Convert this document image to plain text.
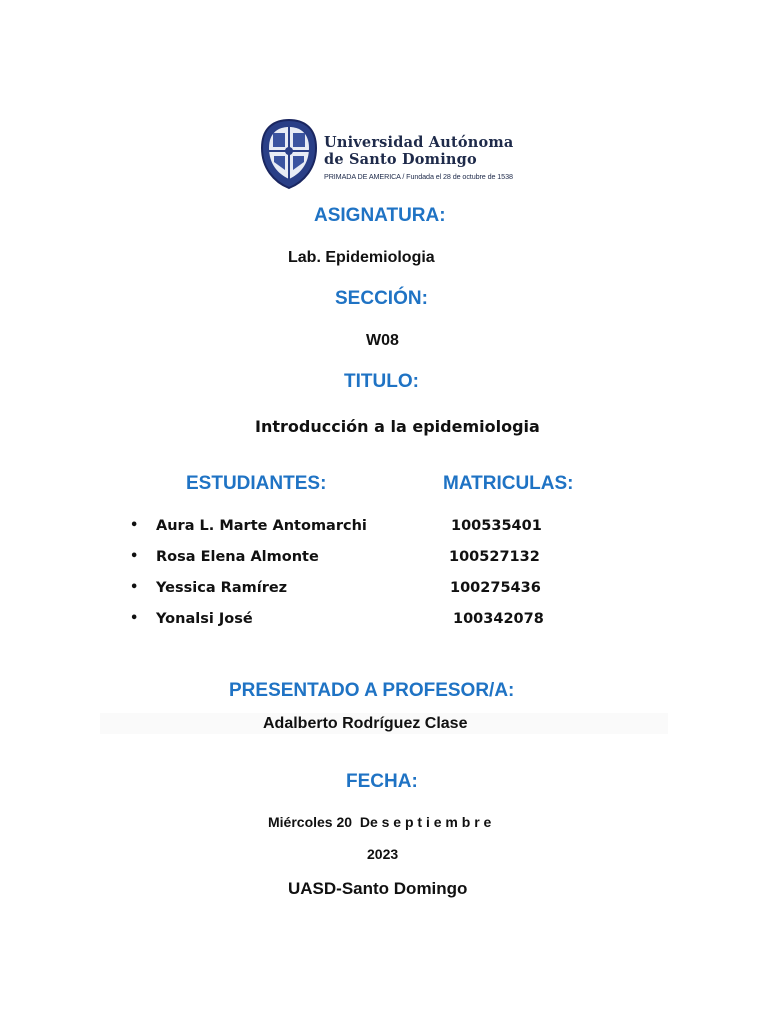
Universidad Autónoma
de Santo Domingo
PRIMADA DE AMERICA / Fundada el 28 de octubre de 1538
ASIGNATURA:
Lab. Epidemiologia
SECCIÓN:
W08
TITULO:
Introducción a la epidemiologia
ESTUDIANTES:	MATRICULAS:
• Aura L. Marte Antomarchi	100535401
• Rosa Elena Almonte	100527132
• Yessica Ramírez	100275436
• Yonalsi José	100342078
PRESENTADO A PROFESOR/A:
Adalberto Rodríguez Clase
FECHA:
Miércoles 20  De s e p t i e m b r e
2023
UASD-Santo Domingo
